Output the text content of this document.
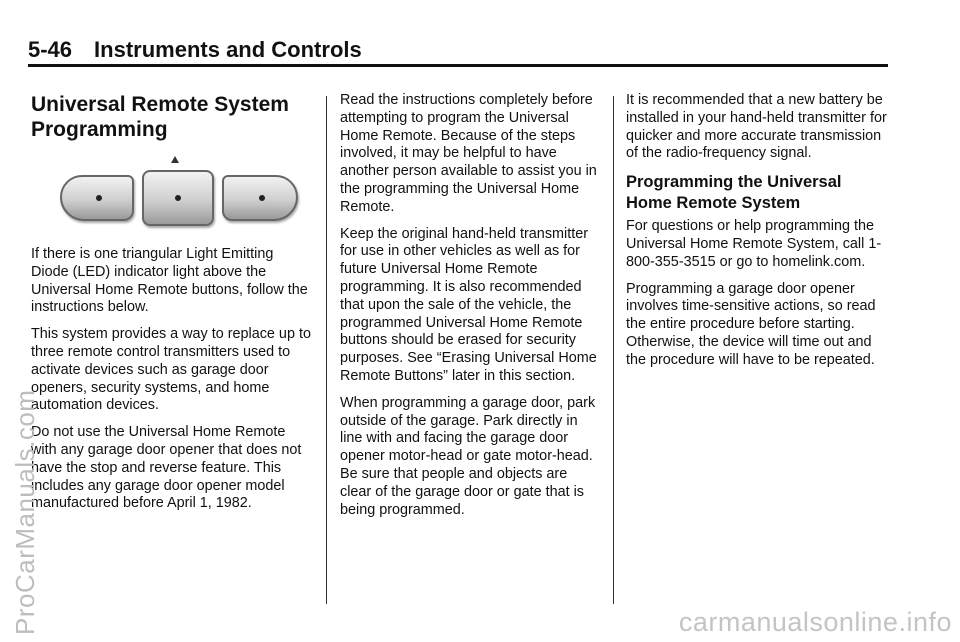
5-46 Instruments and Controls
Universal Remote System
Programming

If there is one triangular Light Emitting Diode (LED) indicator light above the Universal Home Remote buttons, follow the instructions below.

This system provides a way to replace up to three remote control transmitters used to activate devices such as garage door openers, security systems, and home automation devices.

Do not use the Universal Home Remote with any garage door opener that does not have the stop and reverse feature. This includes any garage door opener model manufactured before April 1, 1982.

Read the instructions completely before attempting to program the Universal Home Remote. Because of the steps involved, it may be helpful to have another person available to assist you in the programming the Universal Home Remote.

Keep the original hand-held transmitter for use in other vehicles as well as for future Universal Home Remote programming. It is also recommended that upon the sale of the vehicle, the programmed Universal Home Remote buttons should be erased for security purposes. See “Erasing Universal Home Remote Buttons” later in this section.

When programming a garage door, park outside of the garage. Park directly in line with and facing the garage door opener motor-head or gate motor-head. Be sure that people and objects are clear of the garage door or gate that is being programmed.

It is recommended that a new battery be installed in your hand-held transmitter for quicker and more accurate transmission of the radio-frequency signal.

Programming the Universal
Home Remote System

For questions or help programming the Universal Home Remote System, call 1-800-355-3515 or go to homelink.com.

Programming a garage door opener involves time-sensitive actions, so read the entire procedure before starting. Otherwise, the device will time out and the procedure will have to be repeated.

ProCarManuals.com	carmanualsonline.info
